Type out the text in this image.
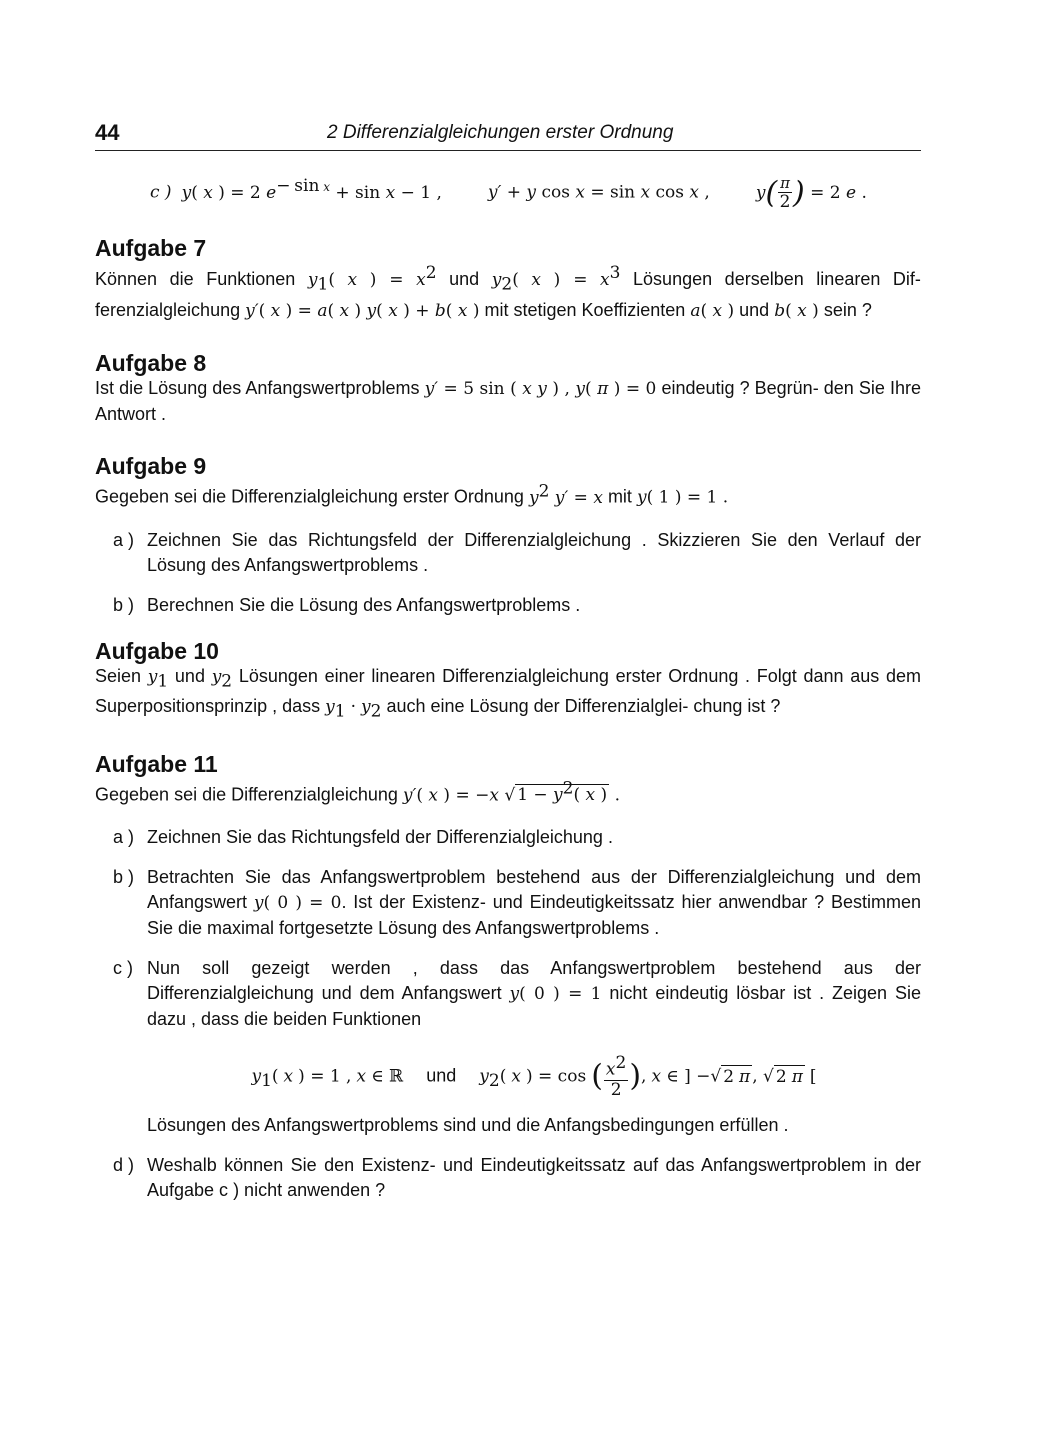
44	2 Differenzialgleichungen erster Ordnung
c ) y( x ) = 2 $e^{- sin x} + \sin x - 1$ ,	y′ + y cos x = sin x cos x ,	$y( \frac{\pi}{2}$ ) = 2 e .
Aufgabe 7

Können die Funktionen $y_1$( x ) = $x^2$ und $y_2$( x ) = $x^3$ Lösungen derselben linearen Dif- ferenzialgleichung y′( x ) = a( x ) y( x ) + b( x ) mit stetigen Koeffizienten a( x ) und b( x ) sein ?

Aufgabe 8

Ist die Lösung des Anfangswertproblems y′ = 5 sin ( x y ) , y( π ) = 0 eindeutig ? Begrün- den Sie Ihre Antwort .

Aufgabe 9

Gegeben sei die Differenzialgleichung erster Ordnung $y^2$ y′ = x mit y( 1 ) = 1 .

a ) Zeichnen Sie das Richtungsfeld der Differenzialgleichung . Skizzieren Sie den Verlauf der Lösung des Anfangswertproblems .
b ) Berechnen Sie die Lösung des Anfangswertproblems .
Aufgabe 10

Seien $y_1$ und $y_2$ Lösungen einer linearen Differenzialgleichung erster Ordnung . Folgt dann aus dem Superpositionsprinzip , dass $y_1 \cdot y_2$ auch eine Lösung der Differenzialglei- chung ist ?

Aufgabe 11

Gegeben sei die Differenzialgleichung y′( x ) = −x √ $1 - y^2$( x ) .

a ) Zeichnen Sie das Richtungsfeld der Differenzialgleichung .
b ) Betrachten Sie das Anfangswertproblem bestehend aus der Differenzialgleichung und dem Anfangswert y( 0 ) = 0. Ist der Existenz- und Eindeutigkeitssatz hier anwendbar ? Bestimmen Sie die maximal fortgesetzte Lösung des Anfangswertproblems .
c ) Nun soll gezeigt werden , dass das Anfangswertproblem bestehend aus der Differenzialgleichung und dem Anfangswert y( 0 ) = 1 nicht eindeutig lösbar ist . Zeigen Sie dazu , dass die beiden Funktionen
$y_1$( x ) = 1 , x ∈ ℝ und $y_2$( x ) = cos ( $\frac{x^2}{2}$ ), x ∈ ] −√ 2 π , √ 2 π [
Lösungen des Anfangswertproblems sind und die Anfangsbedingungen erfüllen .
d ) Weshalb können Sie den Existenz- und Eindeutigkeitssatz auf das Anfangswertproblem in der Aufgabe c ) nicht anwenden ?
